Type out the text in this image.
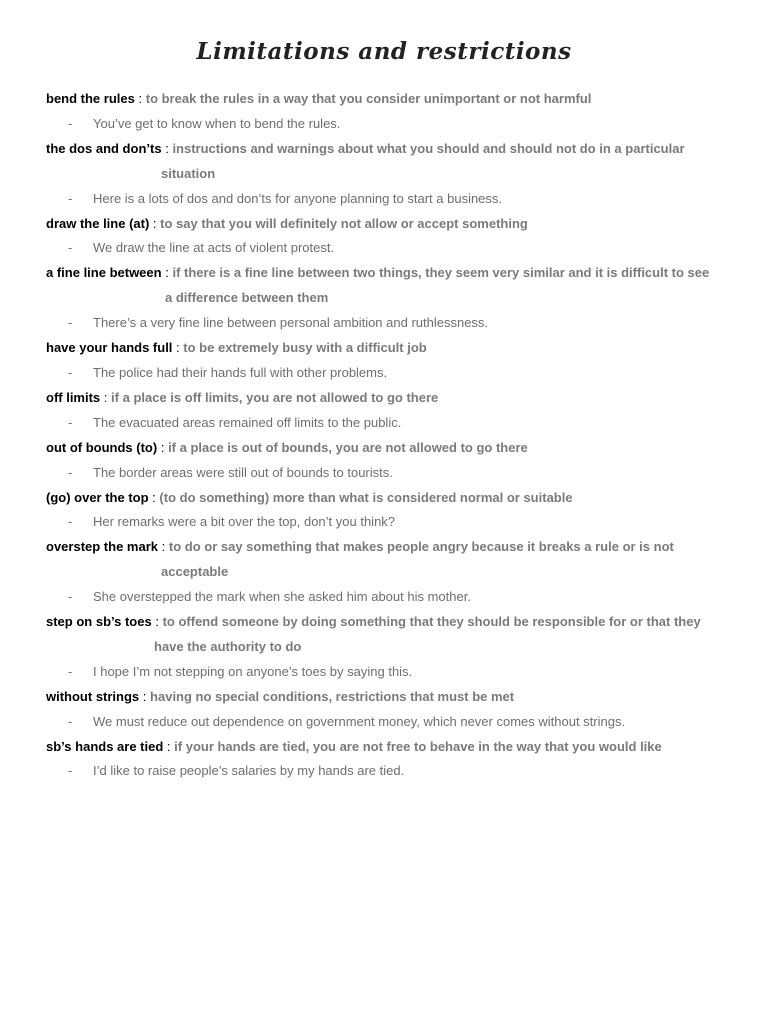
Limitations and restrictions
bend the rules : to break the rules in a way that you consider unimportant or not harmful
- You’ve get to know when to bend the rules.
the dos and don’ts : instructions and warnings about what you should and should not do in a particular
situation
- Here is a lots of dos and don’ts for anyone planning to start a business.
draw the line (at) : to say that you will definitely not allow or accept something
- We draw the line at acts of violent protest.
a fine line between : if there is a fine line between two things, they seem very similar and it is difficult to see
a difference between them
- There’s a very fine line between personal ambition and ruthlessness.
have your hands full : to be extremely busy with a difficult job
- The police had their hands full with other problems.
off limits : if a place is off limits, you are not allowed to go there
- The evacuated areas remained off limits to the public.
out of bounds (to) : if a place is out of bounds, you are not allowed to go there
- The border areas were still out of bounds to tourists.
(go) over the top : (to do something) more than what is considered normal or suitable
- Her remarks were a bit over the top, don’t you think?
overstep the mark : to do or say something that makes people angry because it breaks a rule or is not
acceptable
- She overstepped the mark when she asked him about his mother.
step on sb’s toes : to offend someone by doing something that they should be responsible for or that they
have the authority to do
- I hope I’m not stepping on anyone’s toes by saying this.
without strings : having no special conditions, restrictions that must be met
- We must reduce out dependence on government money, which never comes without strings.
sb’s hands are tied : if your hands are tied, you are not free to behave in the way that you would like
- I’d like to raise people’s salaries by my hands are tied.
